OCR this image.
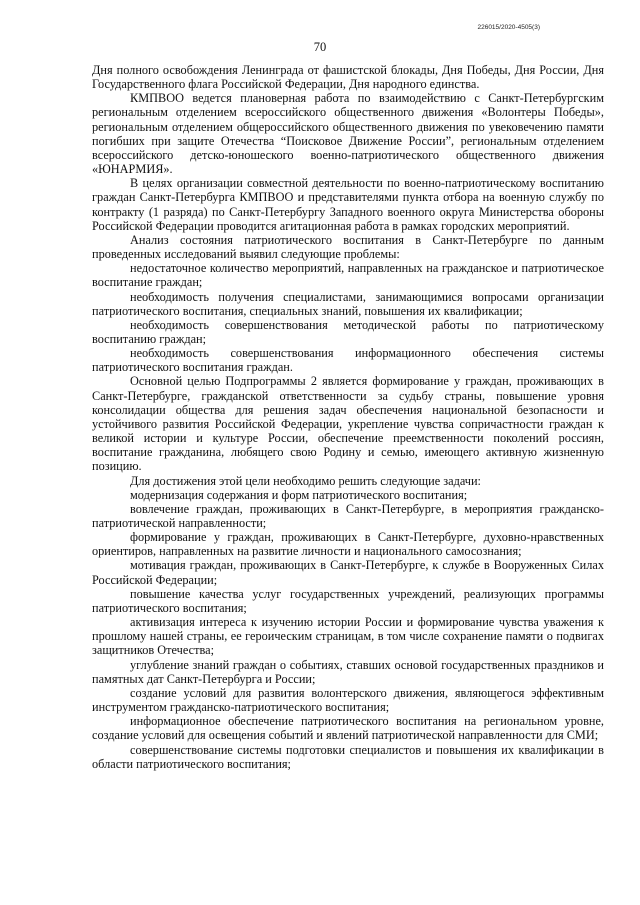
226015/2020-4505(3)
70

Дня полного освобождения Ленинграда от фашистской блокады, Дня Победы, Дня России, Дня Государственного флага Российской Федерации, Дня народного единства.

КМПВОО ведется плановерная работа по взаимодействию с Санкт-Петербургским региональным отделением всероссийского общественного движения «Волонтеры Победы», региональным отделением общероссийского общественного движения по увековечению памяти погибших при защите Отечества “Поисковое Движение России”, региональным отделением всероссийского детско-юношеского военно-патриотического общественного движения «ЮНАРМИЯ».

В целях организации совместной деятельности по военно-патриотическому воспитанию граждан Санкт-Петербурга КМПВОО и представителями пункта отбора на военную службу по контракту (1 разряда) по Санкт-Петербургу Западного военного округа Министерства обороны Российской Федерации проводится агитационная работа в рамках городских мероприятий.

Анализ состояния патриотического воспитания в Санкт-Петербурге по данным проведенных исследований выявил следующие проблемы:

недостаточное количество мероприятий, направленных на гражданское и патриотическое воспитание граждан;

необходимость получения специалистами, занимающимися вопросами организации патриотического воспитания, специальных знаний, повышения их квалификации;

необходимость совершенствования методической работы по патриотическому воспитанию граждан;

необходимость совершенствования информационного обеспечения системы патриотического воспитания граждан.

Основной целью Подпрограммы 2 является формирование у граждан, проживающих в Санкт-Петербурге, гражданской ответственности за судьбу страны, повышение уровня консолидации общества для решения задач обеспечения национальной безопасности и устойчивого развития Российской Федерации, укрепление чувства сопричастности граждан к великой истории и культуре России, обеспечение преемственности поколений россиян, воспитание гражданина, любящего свою Родину и семью, имеющего активную жизненную позицию.

Для достижения этой цели необходимо решить следующие задачи:

модернизация содержания и форм патриотического воспитания;

вовлечение граждан, проживающих в Санкт-Петербурге, в мероприятия гражданско-патриотической направленности;

формирование у граждан, проживающих в Санкт-Петербурге, духовно-нравственных ориентиров, направленных на развитие личности и национального самосознания;

мотивация граждан, проживающих в Санкт-Петербурге, к службе в Вооруженных Силах Российской Федерации;

повышение качества услуг государственных учреждений, реализующих программы патриотического воспитания;

активизация интереса к изучению истории России и формирование чувства уважения к прошлому нашей страны, ее героическим страницам, в том числе сохранение памяти о подвигах защитников Отечества;

углубление знаний граждан о событиях, ставших основой государственных праздников и памятных дат Санкт-Петербурга и России;

создание условий для развития волонтерского движения, являющегося эффективным инструментом гражданско-патриотического воспитания;

информационное обеспечение патриотического воспитания на региональном уровне, создание условий для освещения событий и явлений патриотической направленности для СМИ;

совершенствование системы подготовки специалистов и повышения их квалификации в области патриотического воспитания;
